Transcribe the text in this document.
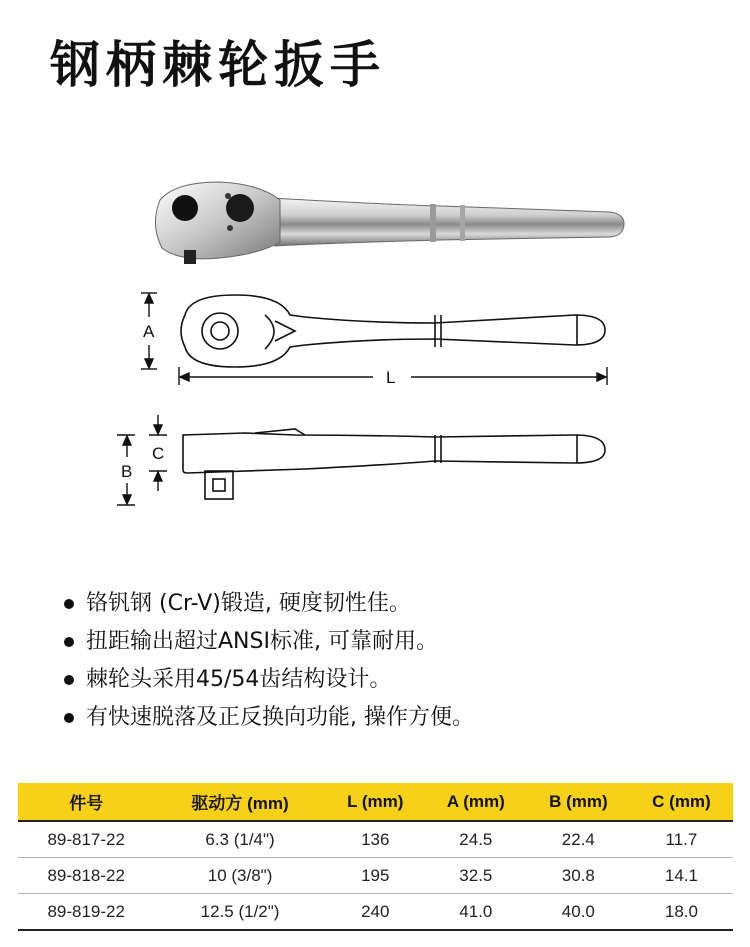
钢柄棘轮扳手
A
L
B
C
铬钒钢 (Cr-V)锻造, 硬度韧性佳。
扭距输出超过ANSI标准, 可靠耐用。
棘轮头采用45/54齿结构设计。
有快速脱落及正反换向功能, 操作方便。
件号	驱动方 (mm)	L (mm)	A (mm)	B (mm)	C (mm)
89-817-22	6.3 (1/4")	136	24.5	22.4	11.7
89-818-22	10 (3/8")	195	32.5	30.8	14.1
89-819-22	12.5 (1/2")	240	41.0	40.0	18.0
